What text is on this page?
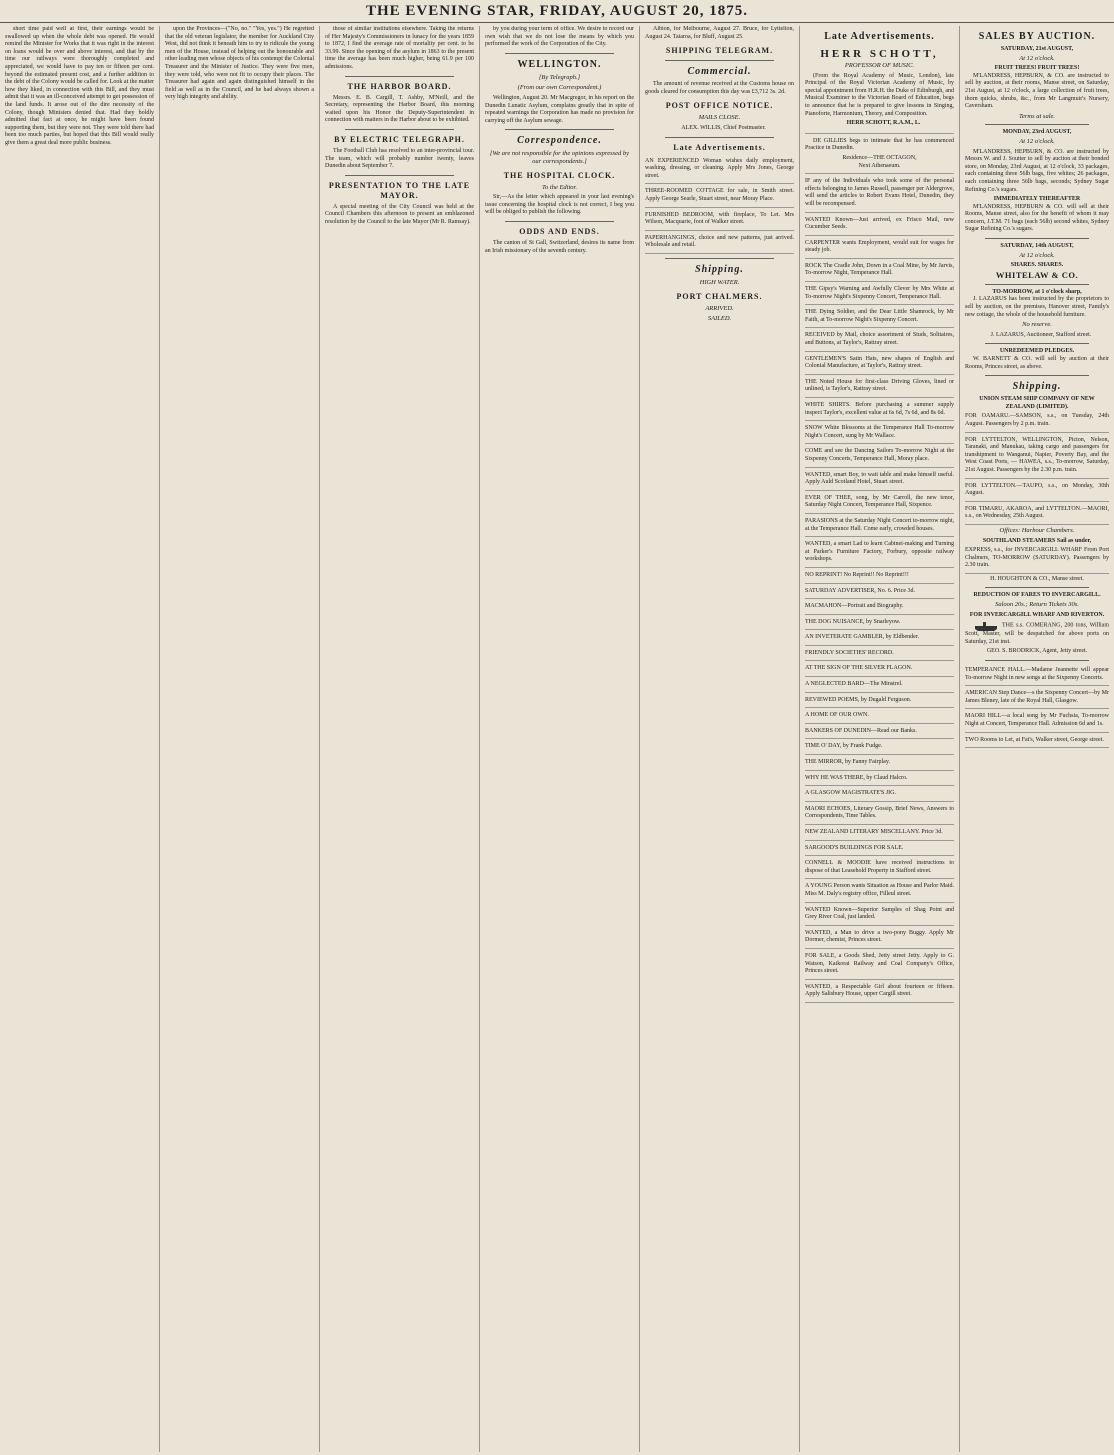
THE EVENING STAR, FRIDAY, AUGUST 20, 1875.
short time paid well at first, their earnings would be swallowed up when the whole debt was opened. He would remind the Minister for Works that it was right in the interest on loans would be over and above interest, and that by the time our railways were thoroughly completed and appreciated, we would have to pay ten or fifteen per cent. beyond the estimated present cost, and a further addition to the debt of the Colony would be called for. Look at the matter how they liked, in connection with this Bill, and they must admit that it was an ill-conceived attempt to get possession of the land funds. It arose out of the dire necessity of the Colony, though Ministers denied that. Had they boldly admitted that fact at once, he might have been found supporting them, but they were not. They were told there had been too much parties, but hoped that this Bill would really give them a great deal more public business.
upon the Provinces—("No, no." "Yes, yes.") He regretted that the old veteran legislator, the member for Auckland City West, did not think it beneath him to try to ridicule the young men of the House, instead of helping out the honourable and other leading men whose objects of his contempt the Colonial Treasurer and the Minister of Justice. They were five men, they were told, who were not fit to occupy their places. The Treasurer had again and again distinguished himself in the field as well as in the Council, and he had always shown a very high integrity and ability.
those of similar institutions elsewhere. Taking the returns of Her Majesty's Commissioners in lunacy for the years 1859 to 1872, I find the average rate of mortality per cent. to be 33.99. Since the opening of the asylum in 1863 to the present time the average has been much higher, being 61.9 per 100 admissions.
THE HARBOR BOARD.
Messrs. E. B. Cargill, T. Ashby, M'Neill, and the Secretary, representing the Harbor Board, this morning waited upon his Honor the Deputy-Superintendent in connection with matters in the Harbor about to be exhibited.
BY ELECTRIC TELEGRAPH.
The Football Club has resolved to an inter-provincial tour. The team, which will probably number twenty, leaves Dunedin about September 7.
PRESENTATION TO THE LATE MAYOR.
A special meeting of the City Council was held at the Council Chambers this afternoon to present an emblazoned resolution by the Council to the late Mayor (Mr R. Ramsay).
by you during your term of office. We desire to record our own wish that we do not lose the means by which you performed the work of the Corporation of the City.
WELLINGTON.
[By Telegraph.]
(From our own Correspondent.)
Wellington, August 20. Mr Macgregor, in his report on the Dunedin Lunatic Asylum, complains greatly that in spite of repeated warnings the Corporation has made no provision for carrying off the Asylum sewage.
Correspondence.
[We are not responsible for the opinions expressed by our correspondents.]
THE HOSPITAL CLOCK.
To the Editor.
Sir,—As the letter which appeared in your last evening's issue concerning the hospital clock is not correct, I beg you will be obliged to publish the following.
ODDS AND ENDS.
The canton of St Gall, Switzerland, desires its name from an Irish missionary of the seventh century.
Albion, for Melbourne, August 27. Bruce, for Lyttelton, August 24. Taiaroa, for Bluff, August 25.
SHIPPING TELEGRAM.
Commercial.
The amount of revenue received at the Customs house on goods cleared for consumption this day was £3,712 3s. 2d.
POST OFFICE NOTICE.
MAILS CLOSE.
ALEX. WILLIS, Chief Postmaster.
Late Advertisements.
AN EXPERIENCED Woman wishes daily employment, washing, dressing, or cleaning. Apply Mrs Jones, George street.
THREE-ROOMED COTTAGE for sale, in Smith street. Apply George Searle, Stuart street, near Moray Place.
FURNISHED BEDROOM, with fireplace, To Let. Mrs Wilson, Macquarie, foot of Walker street.
PAPERHANGINGS, choice and new patterns, just arrived. Wholesale and retail.
Shipping.
HIGH WATER.
PORT CHALMERS.
ARRIVED.
SAILED.
Late Advertisements.
HERR SCHOTT,
PROFESSOR OF MUSIC.
(From the Royal Academy of Music, London), late Principal of the Royal Victorian Academy of Music, by special appointment from H.R.H. the Duke of Edinburgh, and Musical Examiner to the Victorian Board of Education, begs to announce that he is prepared to give lessons in Singing, Pianoforte, Harmonium, Theory, and Composition.
HERR SCHOTT, R.A.M., L.
DE GILLIES begs to intimate that he has commenced Practice in Dunedin.
Residence—THE OCTAGON,
Next Athenaeum.
IF any of the Individuals who took some of the personal effects belonging to James Russell, passenger per Aldergrove, will send the articles to Robert Evans Hotel, Dunedin, they will be recompensed.
WANTED Known—Just arrived, ex Frisco Mail, new Cucumber Seeds.
CARPENTER wants Employment, would suit for wages for steady job.
ROCK The Cradle John, Down in a Coal Mine, by Mr Jarvis, To-morrow Night, Temperance Hall.
THE Gipsy's Warning and Awfully Clever by Mrs White at To-morrow Night's Sixpenny Concert, Temperance Hall.
THE Dying Soldier, and the Dear Little Shamrock, by Mr Faith, at To-morrow Night's Sixpenny Concert.
RECEIVED by Mail, choice assortment of Studs, Solitaires, and Buttons, at Taylor's, Rattray street.
GENTLEMEN'S Satin Hats, new shapes of English and Colonial Manufacture, at Taylor's, Rattray street.
THE Noted House for first-class Driving Gloves, lined or unlined, is Taylor's, Rattray street.
WHITE SHIRTS. Before purchasing a summer supply inspect Taylor's, excellent value at 6s 6d, 7s 6d, and 8s 6d.
SNOW White Blossoms at the Temperance Hall To-morrow Night's Concert, sung by Mr Wallace.
COME and see the Dancing Sailors To-morrow Night at the Sixpenny Concerts, Temperance Hall, Moray place.
WANTED, smart Boy, to wait table and make himself useful. Apply Auld Scotland Hotel, Stuart street.
EVER OF THEE, song, by Mr Carroll, the new tenor, Saturday Night Concert, Temperance Hall, Sixpence.
PARASIONS at the Saturday Night Concert to-morrow night, at the Temperance Hall. Come early, crowded houses.
WANTED, a smart Lad to learn Cabinet-making and Turning at Parker's Furniture Factory, Forbury, opposite railway workshops.
NO REPRINT! No Reprint!! No Reprint!!!
SATURDAY ADVERTISER, No. 6. Price 3d.
MACMAHON—Portrait and Biography.
THE DOG NUISANCE, by Snarleyow.
AN INVETERATE GAMBLER, by Eldbender.
FRIENDLY SOCIETIES' RECORD.
AT THE SIGN OF THE SILVER FLAGON.
A NEGLECTED BARD—The Minstrel.
REVIEWED POEMS, by Dugald Ferguson.
A HOME OF OUR OWN.
BANKERS OF DUNEDIN—Read our Banks.
TIME O' DAY, by Frank Fudge.
THE MIRROR, by Fanny Fairplay.
WHY HE WAS THERE, by Claud Halcro.
A GLASGOW MAGISTRATE'S JIG.
MAORI ECHOES, Literary Gossip, Brief News, Answers to Correspondents, Time Tables.
NEW ZEALAND LITERARY MISCELLANY. Price 3d.
SARGOOD'S BUILDINGS FOR SALE.
CONNELL & MOODIE have received instructions to dispose of that Leasehold Property in Stafford street.
A YOUNG Person wants Situation as House and Parlor Maid. Miss M. Daly's registry office, Filleul street.
WANTED Known—Superior Samples of Shag Point and Grey River Coal, just landed.
WANTED, a Man to drive a two-pony Buggy. Apply Mr Dormer, chemist, Princes street.
FOR SALE, a Goods Shed, Jetty street Jetty. Apply to G. Watson, Kaikorai Railway and Coal Company's Office, Princes street.
WANTED, a Respectable Girl about fourteen or fifteen. Apply Salisbury House, upper Cargill street.
SALES BY AUCTION.
SATURDAY, 21st AUGUST,
At 12 o'clock.
FRUIT TREES! FRUIT TREES!
M'LANDRESS, HEPBURN, & CO. are instructed to sell by auction, at their rooms, Manse street, on Saturday, 21st August, at 12 o'clock, a large collection of fruit trees, thorn quicks, shrubs, &c., from Mr Langmuir's Nursery, Caversham.
Terms at sale.
MONDAY, 23rd AUGUST,
At 12 o'clock.
M'LANDRESS, HEPBURN, & CO. are instructed by Messrs W. and J. Soutter to sell by auction at their bonded store, on Monday, 23rd August, at 12 o'clock, 33 packages, each containing three 56lb bags, five whites; 26 packages, each containing three 56lb bags, seconds; Sydney Sugar Refining Co.'s sugars.
IMMEDIATELY THEREAFTER
M'LANDRESS, HEPBURN & CO. will sell at their Rooms, Manse street, also for the benefit of whom it may concern, J.T.M. 71 bags (each 56lb) second whites, Sydney Sugar Refining Co.'s sugars.
SATURDAY, 14th AUGUST,
At 12 o'clock.
SHARES. SHARES.
WHITELAW & CO.
TO-MORROW, at 1 o'clock sharp,
J. LAZARUS has been instructed by the proprietors to sell by auction, on the premises, Hanover street, Family's new cottage, the whole of the household furniture.
No reserve.
J. LAZARUS, Auctioneer, Stafford street.
UNREDEEMED PLEDGES.
W. BARNETT & CO. will sell by auction at their Rooms, Princes street, as above.
Shipping.
UNION STEAM SHIP COMPANY OF NEW ZEALAND (LIMITED).
FOR OAMARU.—SAMSON, s.s., on Tuesday, 24th August. Passengers by 2 p.m. train.
FOR LYTTELTON, WELLINGTON, Picton, Nelson, Taranaki, and Manukau, taking cargo and passengers for transhipment to Wanganui, Napier, Poverty Bay, and the West Coast Ports, — HAWEA, s.s., To-morrow, Saturday, 21st August. Passengers by the 2.30 p.m. train.
FOR LYTTELTON.—TAUPO, s.s., on Monday, 30th August.
FOR TIMARU, AKAROA, and LYTTELTON.—MAORI, s.s., on Wednesday, 25th August.
Offices: Harbour Chambers.
SOUTHLAND STEAMERS Sail as under,
EXPRESS, s.s., for INVERCARGILL WHARF From Port Chalmers, TO-MORROW (SATURDAY). Passengers by 2.30 train.
H. HOUGHTON & CO., Manse street.
REDUCTION OF FARES TO INVERCARGILL.
Saloon 20s.; Return Tickets 30s.
FOR INVERCARGILL WHARF AND RIVERTON.
THE s.s. COMERANG, 200 tons, William Scott, Master, will be despatched for above ports on Saturday, 21st inst.
GEO. S. BRODRICK, Agent, Jetty street.
TEMPERANCE HALL.—Madame Jeannette will appear To-morrow Night in new songs at the Sixpenny Concerts.
AMERICAN Step Dance—s the Sixpenny Concert—by Mr James Bleney, late of the Royal Hall, Glasgow.
MAORI HILL—a local song by Mr Fuchsia, To-morrow Night at Concert, Temperance Hall. Admission 6d and 1s.
TWO Rooms to Let, at Fat's, Walker street, George street.
